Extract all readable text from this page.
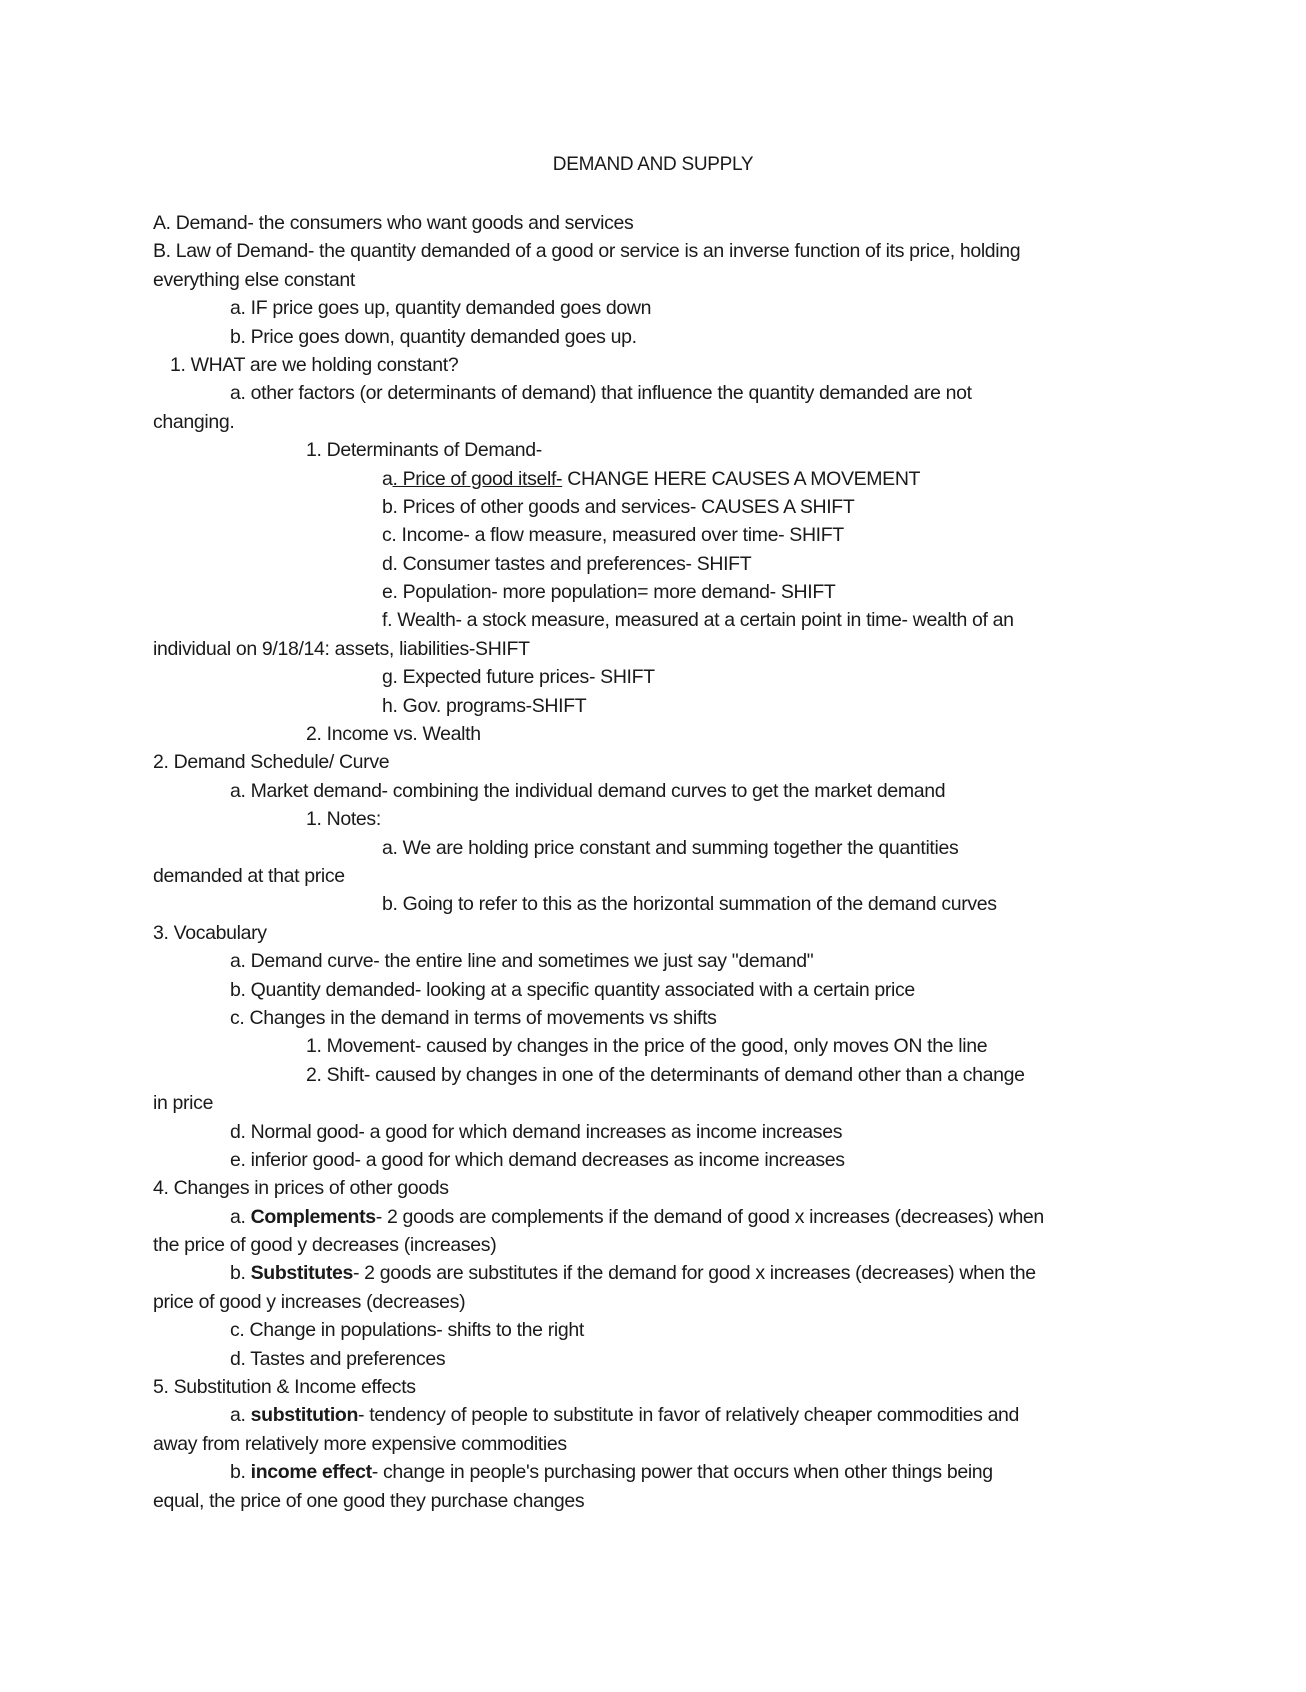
DEMAND AND SUPPLY
A. Demand- the consumers who want goods and services
B. Law of Demand- the quantity demanded of a good or service is an inverse function of its price, holding
everything else constant
a. IF price goes up, quantity demanded goes down
b. Price goes down, quantity demanded goes up.
1. WHAT are we holding constant?
a. other factors (or determinants of demand) that influence the quantity demanded are not
changing.
1. Determinants of Demand-
a. Price of good itself- CHANGE HERE CAUSES A MOVEMENT
b. Prices of other goods and services- CAUSES A SHIFT
c. Income- a flow measure, measured over time- SHIFT
d. Consumer tastes and preferences- SHIFT
e. Population- more population= more demand- SHIFT
f. Wealth- a stock measure, measured at a certain point in time- wealth of an
individual on 9/18/14: assets, liabilities-SHIFT
g. Expected future prices- SHIFT
h. Gov. programs-SHIFT
2. Income vs. Wealth
2. Demand Schedule/ Curve
a. Market demand- combining the individual demand curves to get the market demand
1. Notes:
a. We are holding price constant and summing together the quantities
demanded at that price
b. Going to refer to this as the horizontal summation of the demand curves
3. Vocabulary
a. Demand curve- the entire line and sometimes we just say "demand"
b. Quantity demanded- looking at a specific quantity associated with a certain price
c. Changes in the demand in terms of movements vs shifts
1. Movement- caused by changes in the price of the good, only moves ON the line
2. Shift- caused by changes in one of the determinants of demand other than a change
in price
d. Normal good- a good for which demand increases as income increases
e. inferior good- a good for which demand decreases as income increases
4. Changes in prices of other goods
a. Complements- 2 goods are complements if the demand of good x increases (decreases) when
the price of good y decreases (increases)
b. Substitutes- 2 goods are substitutes if the demand for good x increases (decreases) when the
price of good y increases (decreases)
c. Change in populations- shifts to the right
d. Tastes and preferences
5. Substitution & Income effects
a. substitution- tendency of people to substitute in favor of relatively cheaper commodities and
away from relatively more expensive commodities
b. income effect- change in people's purchasing power that occurs when other things being
equal, the price of one good they purchase changes
